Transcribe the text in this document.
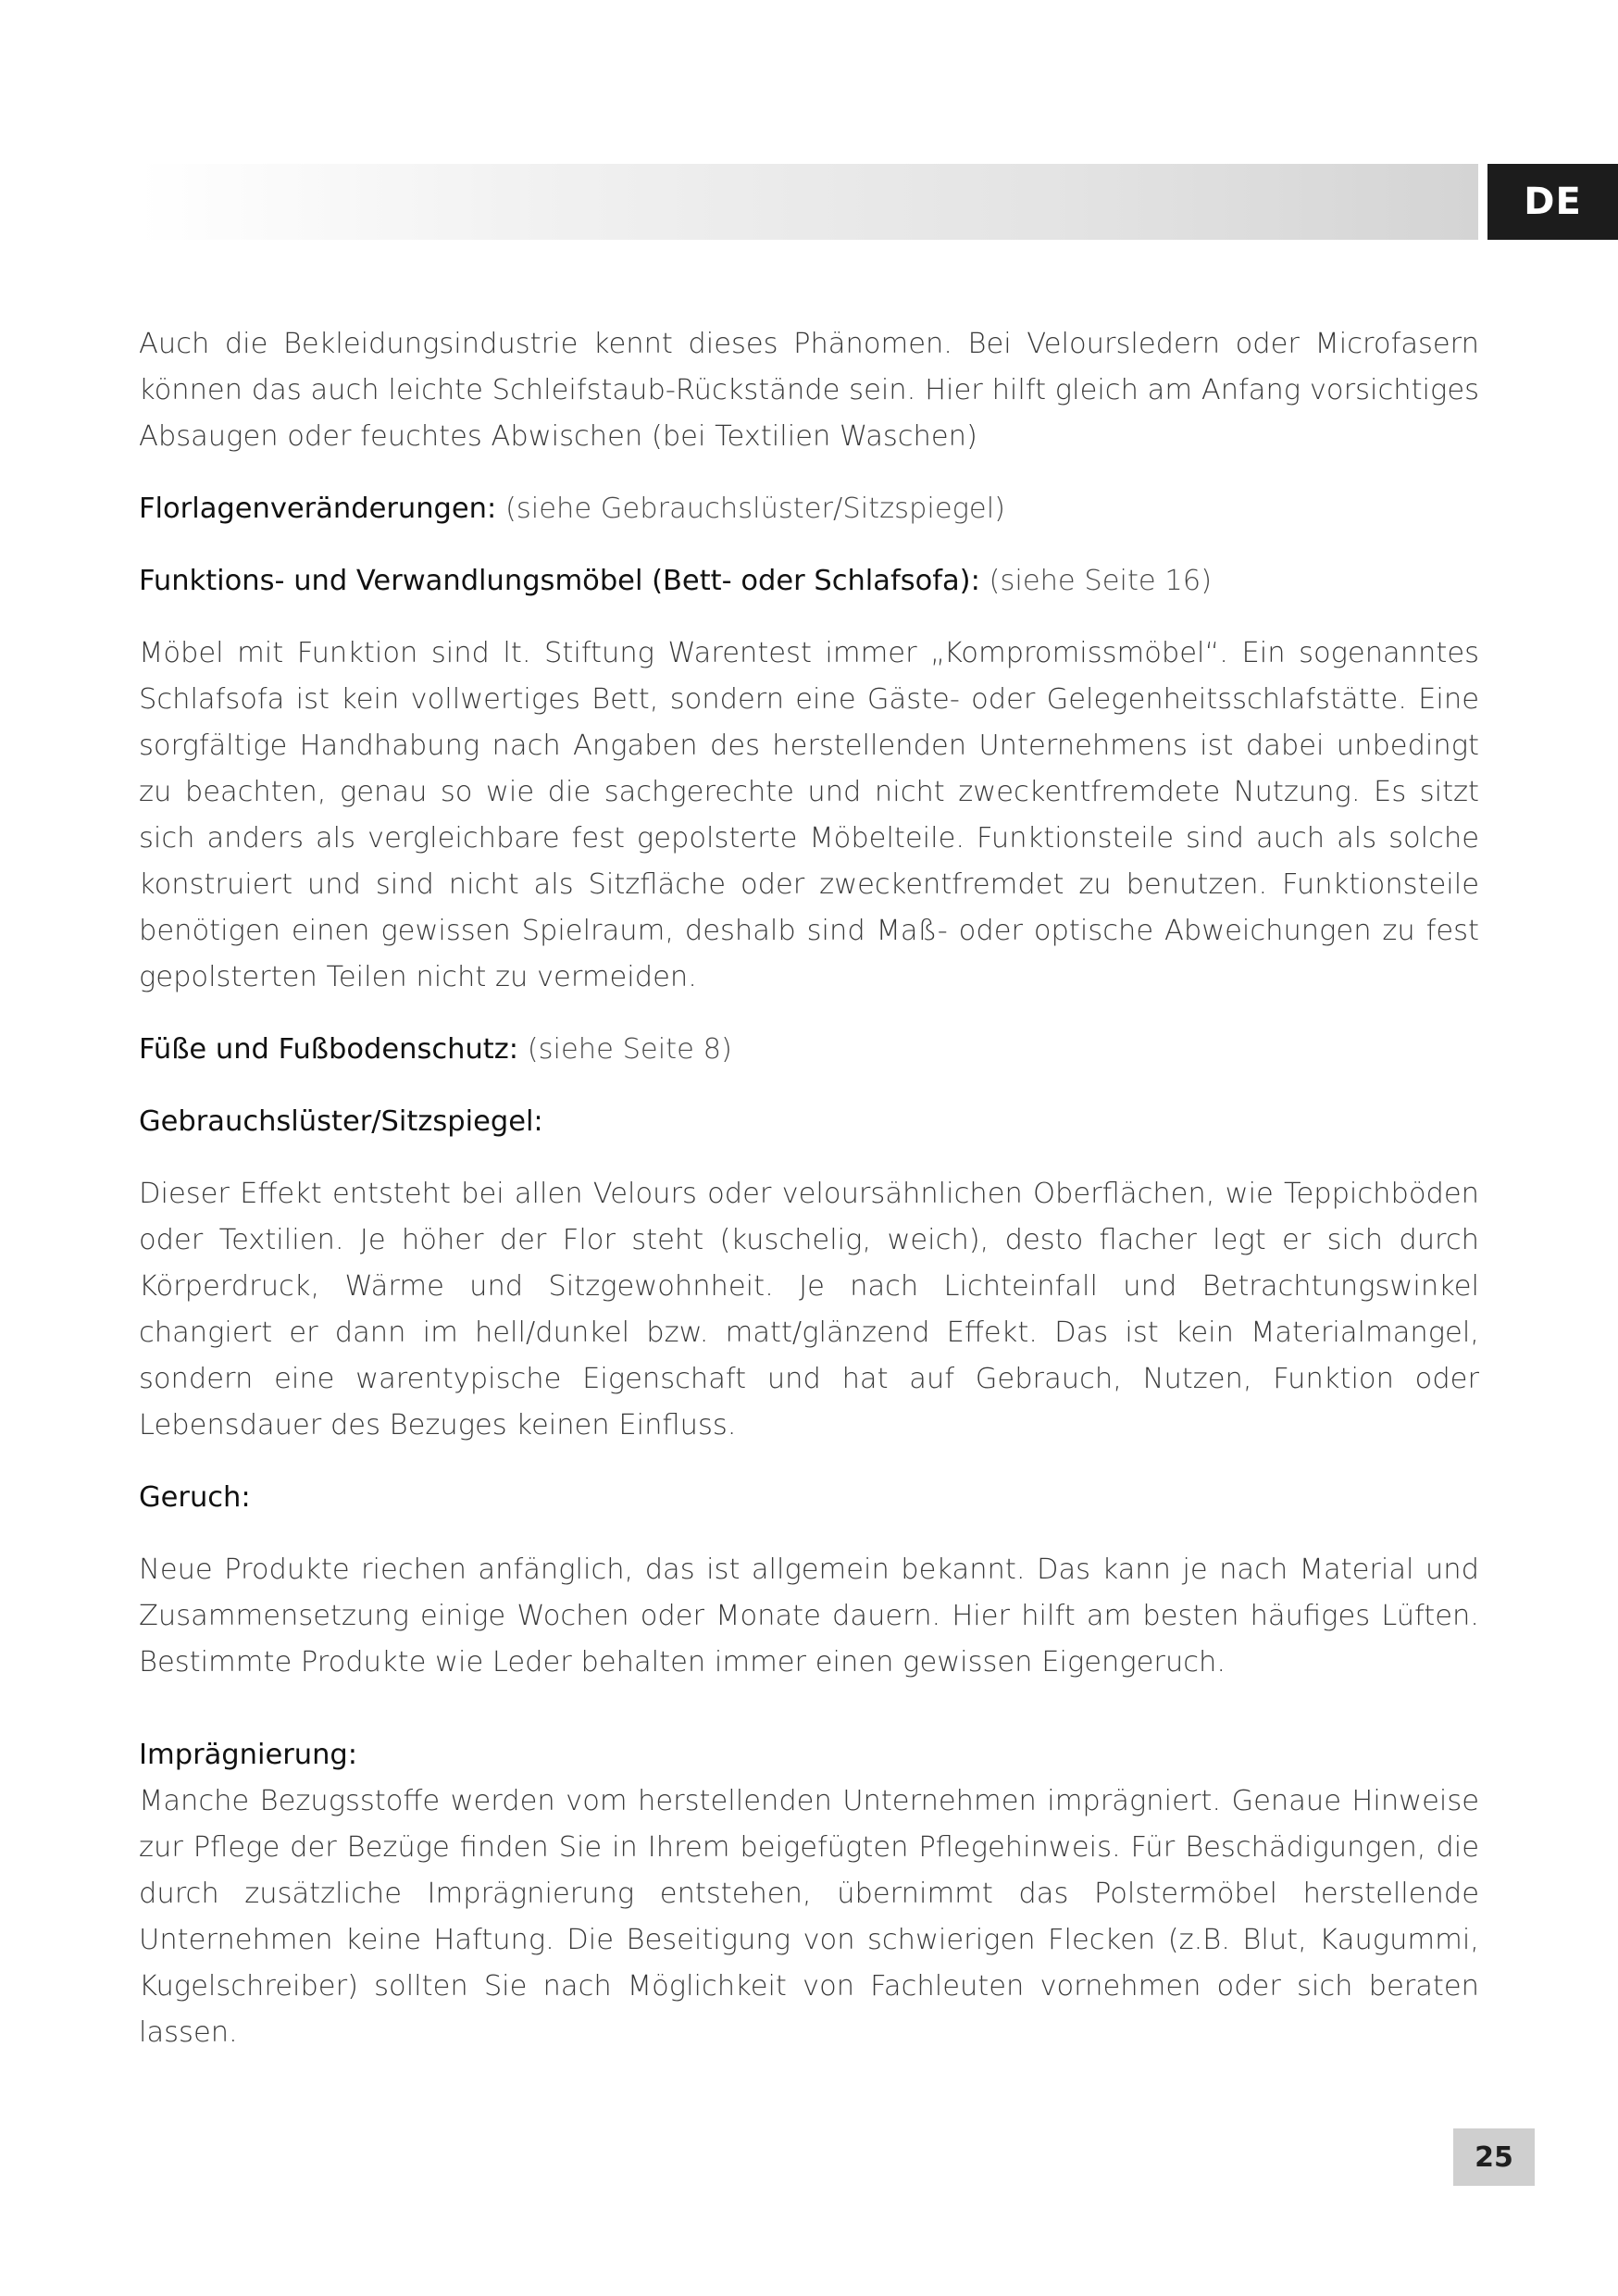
DE

Auch die Bekleidungsindustrie kennt dieses Phänomen. Bei Veloursledern oder Microfasern können das auch leichte Schleifstaub-Rückstände sein. Hier hilft gleich am Anfang vorsichtiges Absaugen oder feuchtes Abwischen (bei Textilien Waschen)

Florlagenveränderungen: (siehe Gebrauchslüster/Sitzspiegel)

Funktions- und Verwandlungsmöbel (Bett- oder Schlafsofa): (siehe Seite 16)

Möbel mit Funktion sind lt. Stiftung Warentest immer „Kompromissmöbel“. Ein sogenanntes Schlafsofa ist kein vollwertiges Bett, sondern eine Gäste- oder Gelegenheitsschlafstätte. Eine sorgfältige Handhabung nach Angaben des herstellenden Unternehmens ist dabei unbedingt zu beachten, genau so wie die sachgerechte und nicht zweckentfremdete Nutzung. Es sitzt sich anders als vergleichbare fest gepolsterte Möbelteile. Funktionsteile sind auch als solche konstruiert und sind nicht als Sitzfläche oder zweckentfremdet zu benutzen. Funktionsteile benötigen einen gewissen Spielraum, deshalb sind Maß- oder optische Abweichungen zu fest gepolsterten Teilen nicht zu vermeiden.

Füße und Fußbodenschutz: (siehe Seite 8)

Gebrauchslüster/Sitzspiegel:

Dieser Effekt entsteht bei allen Velours oder veloursähnlichen Oberflächen, wie Teppichböden oder Textilien. Je höher der Flor steht (kuschelig, weich), desto flacher legt er sich durch Körperdruck, Wärme und Sitzgewohnheit. Je nach Lichteinfall und Betrachtungswinkel changiert er dann im hell/dunkel bzw. matt/glänzend Effekt. Das ist kein Materialmangel, sondern eine warentypische Eigenschaft und hat auf Gebrauch, Nutzen, Funktion oder Lebensdauer des Bezuges keinen Einfluss.

Geruch:

Neue Produkte riechen anfänglich, das ist allgemein bekannt. Das kann je nach Material und Zusammensetzung einige Wochen oder Monate dauern. Hier hilft am besten häufiges Lüften. Bestimmte Produkte wie Leder behalten immer einen gewissen Eigengeruch.

Imprägnierung:

Manche Bezugsstoffe werden vom herstellenden Unternehmen imprägniert. Genaue Hinweise zur Pflege der Bezüge finden Sie in Ihrem beigefügten Pflegehinweis. Für Beschädigungen, die durch zusätzliche Imprägnierung entstehen, übernimmt das Polstermöbel herstellende Unternehmen keine Haftung. Die Beseitigung von schwierigen Flecken (z.B. Blut, Kaugummi, Kugelschreiber) sollten Sie nach Möglichkeit von Fachleuten vornehmen oder sich beraten lassen.

25
